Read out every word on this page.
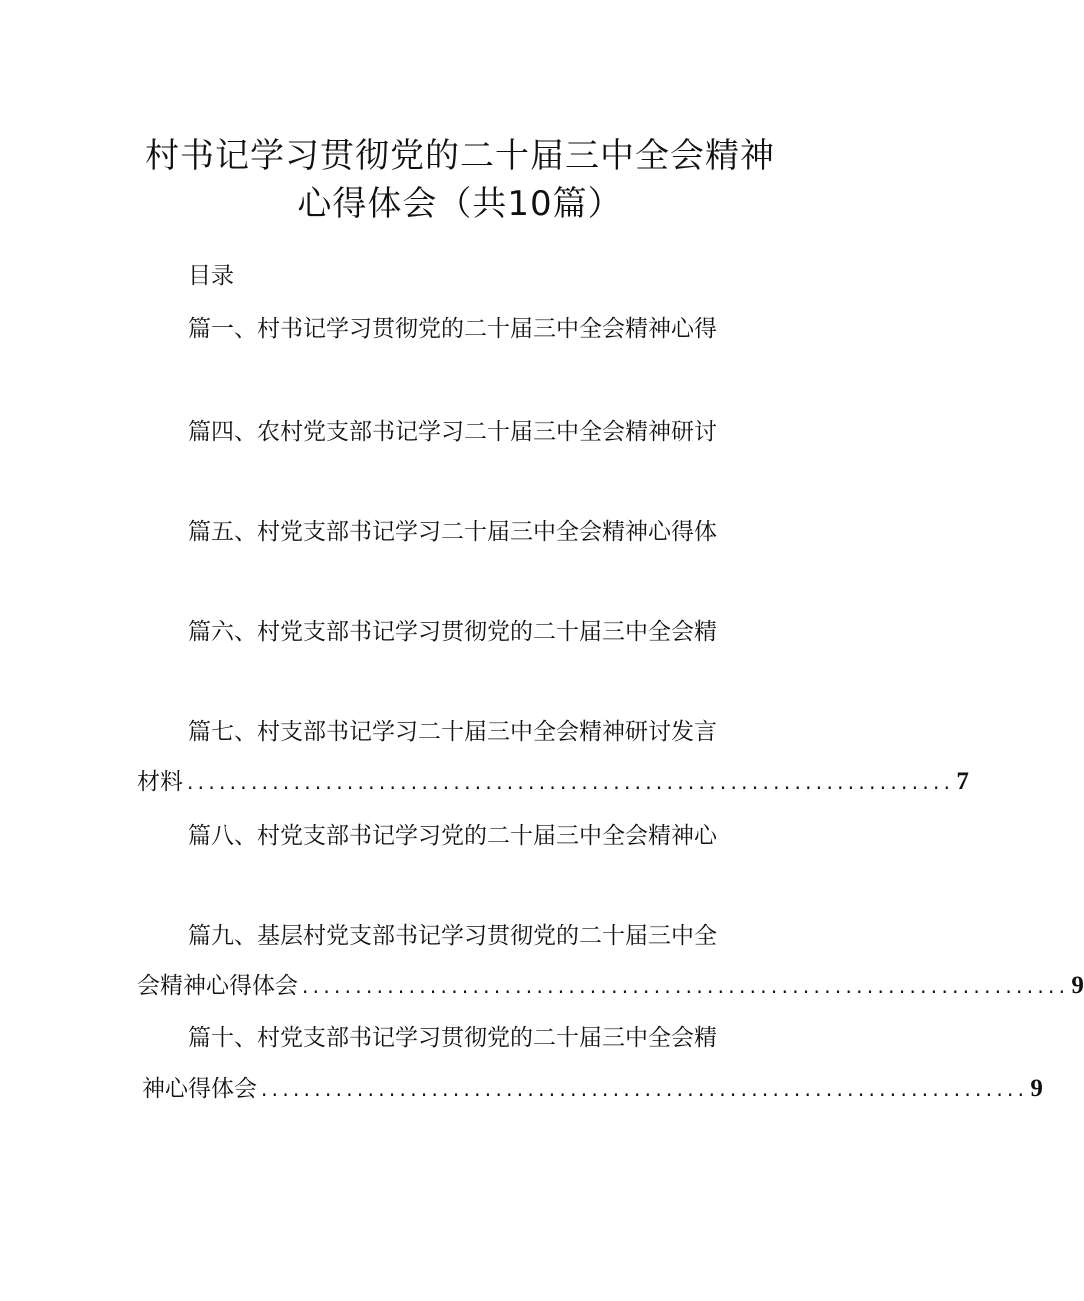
村书记学习贯彻党的二十届三中全会精神
心得体会（共10篇）
目录
篇一、村书记学习贯彻党的二十届三中全会精神心得
篇四、农村党支部书记学习二十届三中全会精神研讨
篇五、村党支部书记学习二十届三中全会精神心得体
篇六、村党支部书记学习贯彻党的二十届三中全会精
篇七、村支部书记学习二十届三中全会精神研讨发言
材料 ........................................................................ 7
篇八、村党支部书记学习党的二十届三中全会精神心
篇九、基层村党支部书记学习贯彻党的二十届三中全
会精神心得体会 ........................................................................ 9
篇十、村党支部书记学习贯彻党的二十届三中全会精
神心得体会 ........................................................................ 9
